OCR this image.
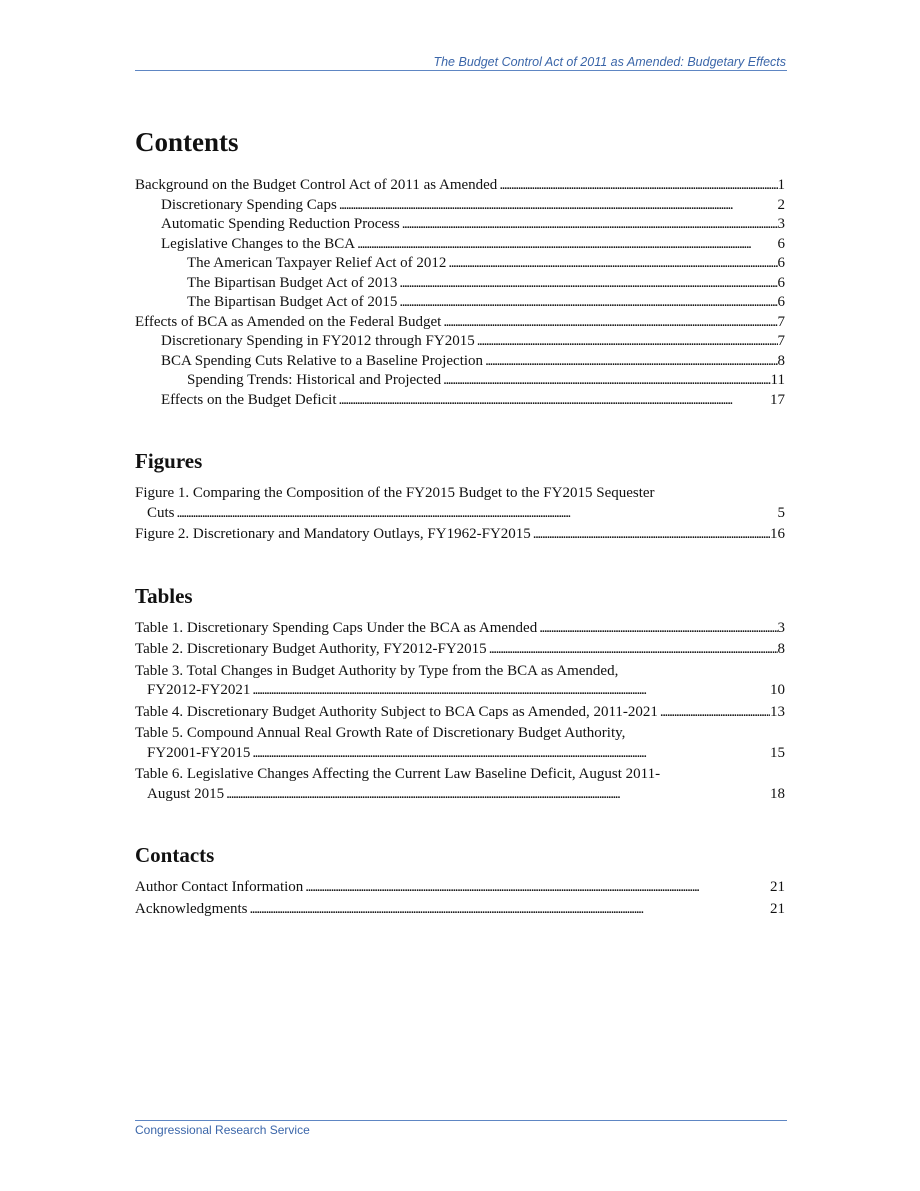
The Budget Control Act of 2011 as Amended: Budgetary Effects
Contents
Background on the Budget Control Act of 2011 as Amended . . .	1
Discretionary Spending Caps . . .	2
Automatic Spending Reduction Process . . .	3
Legislative Changes to the BCA . . .	6
The American Taxpayer Relief Act of 2012 . . .	6
The Bipartisan Budget Act of 2013 . . .	6
The Bipartisan Budget Act of 2015 . . .	6
Effects of BCA as Amended on the Federal Budget . . .	7
Discretionary Spending in FY2012 through FY2015 . . .	7
BCA Spending Cuts Relative to a Baseline Projection . . .	8
Spending Trends: Historical and Projected . . .	11
Effects on the Budget Deficit . . .	17
Figures
Figure 1. Comparing the Composition of the FY2015 Budget to the FY2015 Sequester
Cuts . . .	5
Figure 2. Discretionary and Mandatory Outlays, FY1962-FY2015 . . .	16
Tables
Table 1. Discretionary Spending Caps Under the BCA as Amended . . .	3
Table 2. Discretionary Budget Authority, FY2012-FY2015 . . .	8
Table 3. Total Changes in Budget Authority by Type from the BCA as Amended,
FY2012-FY2021 . . .	10
Table 4. Discretionary Budget Authority Subject to BCA Caps as Amended, 2011-2021 . . .	13
Table 5. Compound Annual Real Growth Rate of Discretionary Budget Authority,
FY2001-FY2015 . . .	15
Table 6. Legislative Changes Affecting the Current Law Baseline Deficit, August 2011-
August 2015 . . .	18
Contacts
Author Contact Information . . .	21
Acknowledgments . . .	21
Congressional Research Service
